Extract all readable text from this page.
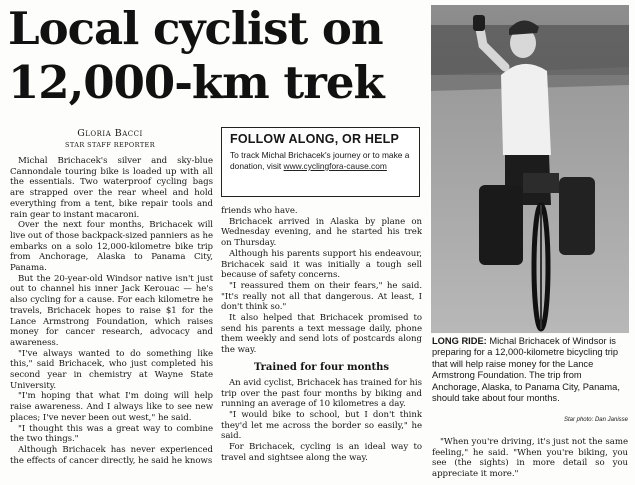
Local cyclist on 12,000-km trek
Gloria Bacci
STAR STAFF REPORTER

Michal Brichacek's silver and sky-blue Cannondale touring bike is loaded up with all the essentials. Two waterproof cycling bags are strapped over the rear wheel and hold everything from a tent, bike repair tools and rain gear to instant macaroni.

Over the next four months, Brichacek will live out of those backpack-sized panniers as he embarks on a solo 12,000-kilometre bike trip from Anchorage, Alaska to Panama City, Panama.

But the 20-year-old Windsor native isn't just out to channel his inner Jack Kerouac — he's also cycling for a cause. For each kilometre he travels, Brichacek hopes to raise $1 for the Lance Armstrong Foundation, which raises money for cancer research, advocacy and awareness.

"I've always wanted to do something like this," said Brichacek, who just completed his second year in chemistry at Wayne State University.

"I'm hoping that what I'm doing will help raise awareness. And I always like to see new places; I've never been out west," he said.

"I thought this was a great way to combine the two things."

Although Brichacek has never experienced the effects of cancer directly, he said he knows

FOLLOW ALONG, OR HELP
To track Michal Brichacek's journey or to make a donation, visit www.cyclingfora-cause.com

friends who have.

Brichacek arrived in Alaska by plane on Wednesday evening, and he started his trek on Thursday.

Although his parents support his endeavour, Brichacek said it was initially a tough sell because of safety concerns.

"I reassured them on their fears," he said. "It's really not all that dangerous. At least, I don't think so."

It also helped that Brichacek promised to send his parents a text message daily, phone them weekly and send lots of postcards along the way.

Trained for four months

An avid cyclist, Brichacek has trained for his trip over the past four months by biking and running an average of 10 kilometres a day.

"I would bike to school, but I don't think they'd let me across the border so easily," he said.

For Brichacek, cycling is an ideal way to travel and sightsee along the way.

LONG RIDE: Michal Brichacek of Windsor is preparing for a 12,000-kilometre bicycling trip that will help raise money for the Lance Armstrong Foundation. The trip from Anchorage, Alaska, to Panama City, Panama, should take about four months.
Star photo: Dan Janisse

"When you're driving, it's just not the same feeling," he said. "When you're biking, you see (the sights) in more detail so you appreciate it more."
